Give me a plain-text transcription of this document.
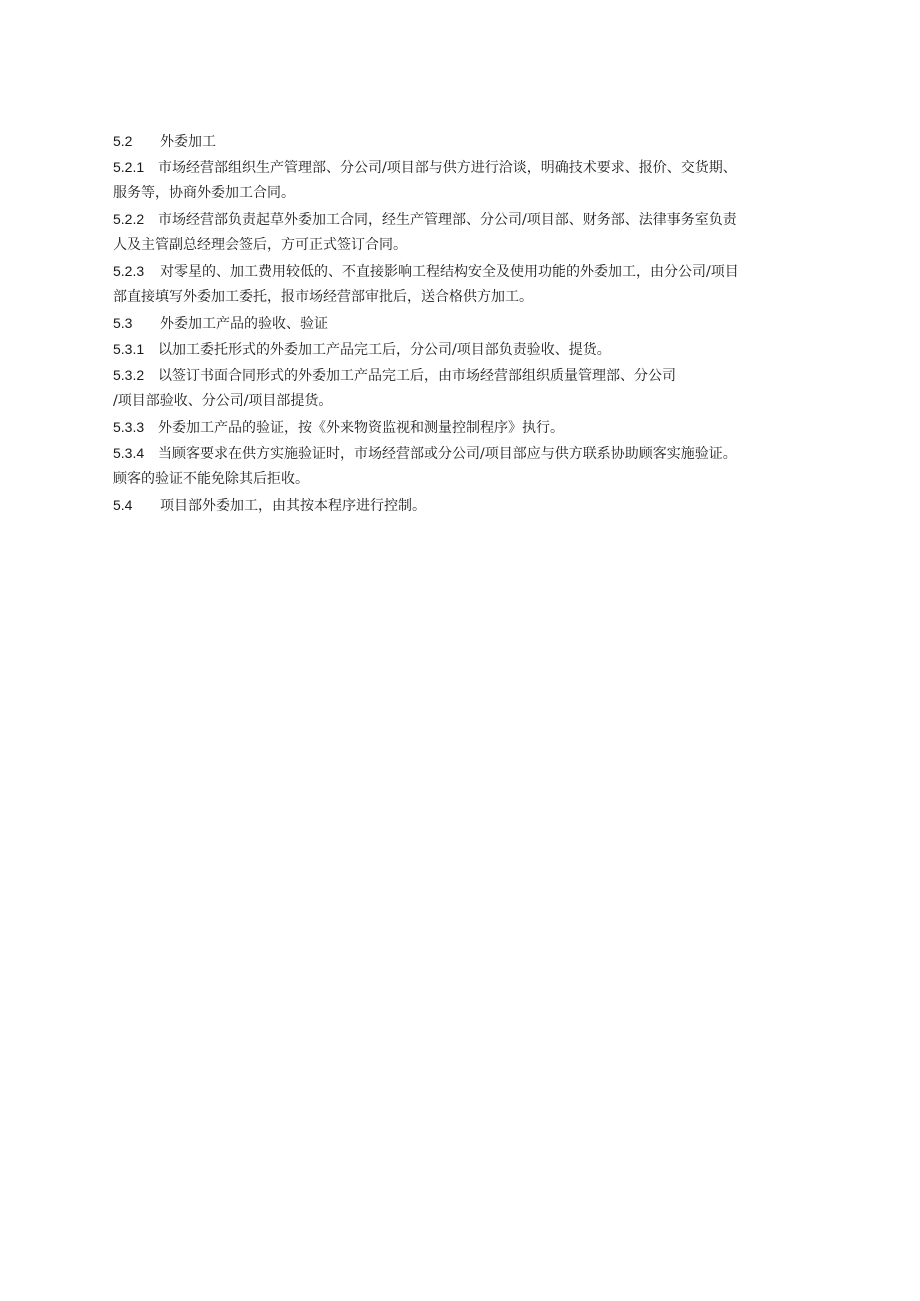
5.2 外委加工
5.2.1 市场经营部组织生产管理部、分公司/项目部与供方进行洽谈，明确技术要求、报价、交货期、
服务等，协商外委加工合同。
5.2.2 市场经营部负责起草外委加工合同，经生产管理部、分公司/项目部、财务部、法律事务室负责
人及主管副总经理会签后，方可正式签订合同。
5.2.3 对零星的、加工费用较低的、不直接影响工程结构安全及使用功能的外委加工，由分公司/项目
部直接填写外委加工委托，报市场经营部审批后，送合格供方加工。
5.3 外委加工产品的验收、验证
5.3.1 以加工委托形式的外委加工产品完工后，分公司/项目部负责验收、提货。
5.3.2 以签订书面合同形式的外委加工产品完工后，由市场经营部组织质量管理部、分公司
/项目部验收、分公司/项目部提货。
5.3.3 外委加工产品的验证，按《外来物资监视和测量控制程序》执行。
5.3.4 当顾客要求在供方实施验证时，市场经营部或分公司/项目部应与供方联系协助顾客实施验证。
顾客的验证不能免除其后拒收。
5.4 项目部外委加工，由其按本程序进行控制。
